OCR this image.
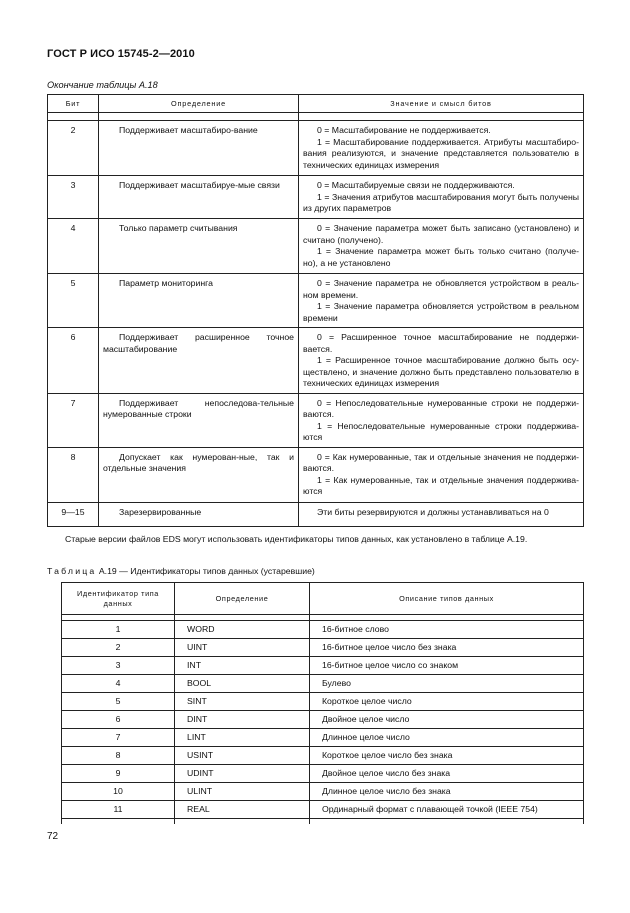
ГОСТ Р ИСО 15745-2—2010
Окончание таблицы А.18
Бит	Определение	Значение и смысл битов

2	Поддерживает масштабиро-вание	0 = Масштабирование не поддерживается.
1 = Масштабирование поддерживается. Атрибуты масштабиро-вания реализуются, и значение представляется пользователю в технических единицах измерения

3	Поддерживает масштабируе-мые связи	0 = Масштабируемые связи не поддерживаются.
1 = Значения атрибутов масштабирования могут быть получены из других параметров

4	Только параметр считывания	0 = Значение параметра может быть записано (установлено) и считано (получено).
1 = Значение параметра может быть только считано (получе-но), а не установлено

5	Параметр мониторинга	0 = Значение параметра не обновляется устройством в реаль-ном времени.
1 = Значение параметра обновляется устройством в реальном времени

6	Поддерживает расширенное точное масштабирование	0 = Расширенное точное масштабирование не поддержи-вается.
1 = Расширенное точное масштабирование должно быть осу-ществлено, и значение должно быть представлено пользователю в технических единицах измерения

7	Поддерживает непоследова-тельные нумерованные строки	0 = Непоследовательные нумерованные строки не поддержи-ваются.
1 = Непоследовательные нумерованные строки поддержива-ются

8	Допускает как нумерован-ные, так и отдельные значения	0 = Как нумерованные, так и отдельные значения не поддержи-ваются.
1 = Как нумерованные, так и отдельные значения поддержива-ются

9—15	Зарезервированные	Эти биты резервируются и должны устанавливаться на 0
Старые версии файлов EDS могут использовать идентификаторы типов данных, как установлено в таблице А.19.
Таблица А.19 — Идентификаторы типов данных (устаревшие)
Идентификатор типа данных	Определение	Описание типов данных

1	WORD	16-битное слово
2	UINT	16-битное целое число без знака
3	INT	16-битное целое число со знаком
4	BOOL	Булево
5	SINT	Короткое целое число
6	DINT	Двойное целое число
7	LINT	Длинное целое число
8	USINT	Короткое целое число без знака
9	UDINT	Двойное целое число без знака
10	ULINT	Длинное целое число без знака
11	REAL	Ординарный формат с плавающей точкой (IEEE 754)

72
